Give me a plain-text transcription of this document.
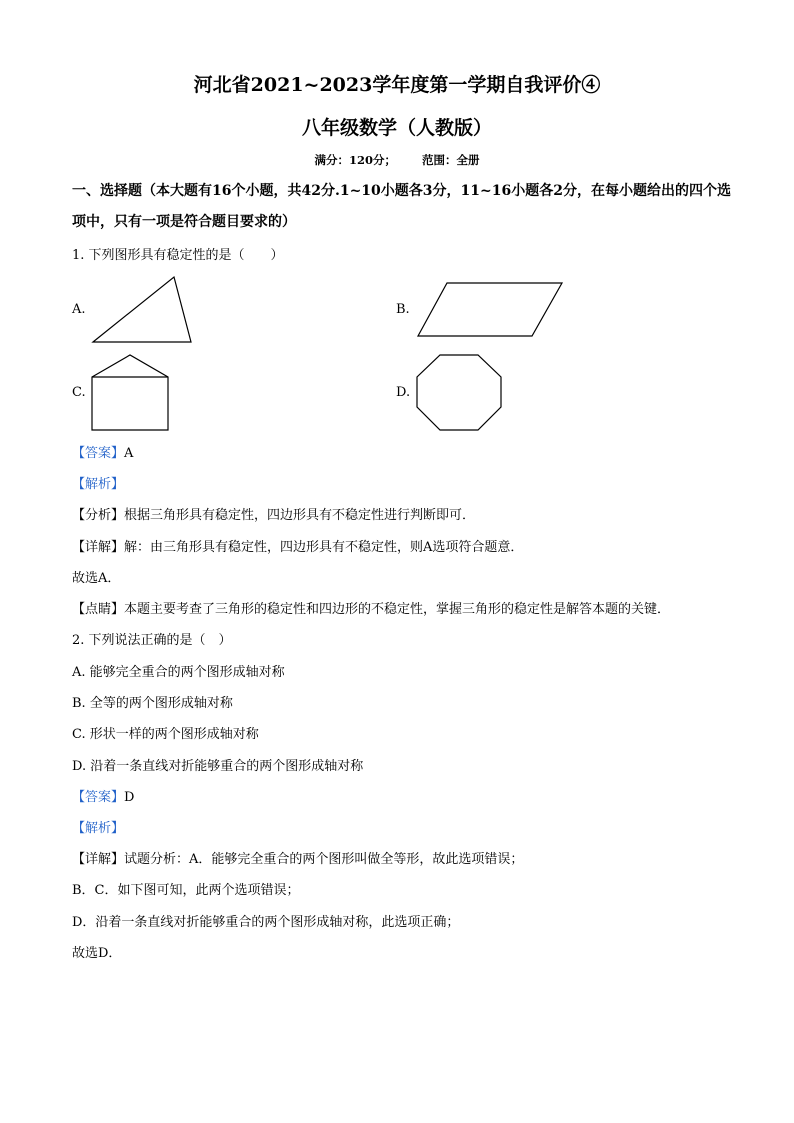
河北省2021~2023学年度第一学期自我评价④
八年级数学（人教版）
满分：120分； 范围：全册
一、选择题（本大题有16个小题，共42分.1~10小题各3分，11~16小题各2分，在每小题给出的四个选项中，只有一项是符合题目要求的）
1. 下列图形具有稳定性的是（　　）
A.	B.
C.	D.
【答案】A
【解析】
【分析】根据三角形具有稳定性，四边形具有不稳定性进行判断即可．
【详解】解：由三角形具有稳定性，四边形具有不稳定性，则A选项符合题意．
故选A．
【点睛】本题主要考查了三角形的稳定性和四边形的不稳定性，掌握三角形的稳定性是解答本题的关键．
2. 下列说法正确的是（　）
A. 能够完全重合的两个图形成轴对称
B. 全等的两个图形成轴对称
C. 形状一样的两个图形成轴对称
D. 沿着一条直线对折能够重合的两个图形成轴对称
【答案】D
【解析】
【详解】试题分析：A．能够完全重合的两个图形叫做全等形，故此选项错误；
B．C．如下图可知，此两个选项错误；
D．沿着一条直线对折能够重合的两个图形成轴对称，此选项正确；
故选D．
